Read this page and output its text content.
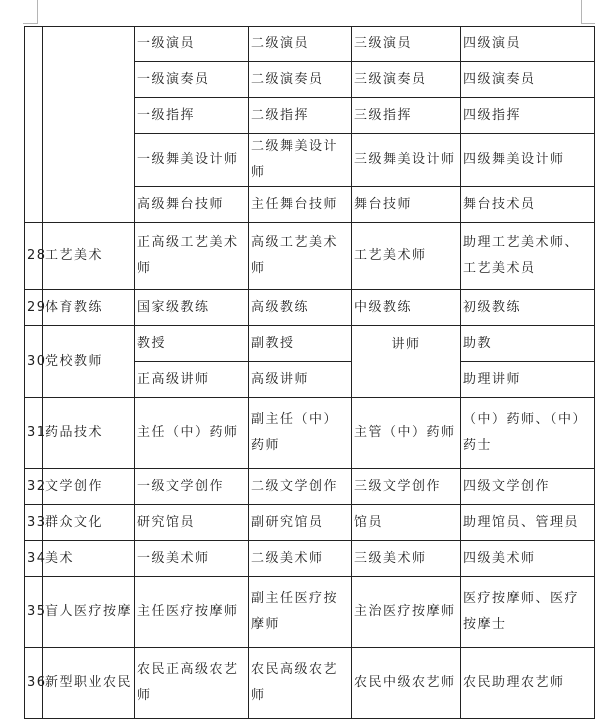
		一级演员	二级演员	三级演员	四级演员
		一级演奏员	二级演奏员	三级演奏员	四级演奏员
		一级指挥	二级指挥	三级指挥	四级指挥
		一级舞美设计师	二级舞美设计师	三级舞美设计师	四级舞美设计师
		高级舞台技师	主任舞台技师	舞台技师	舞台技术员
28	工艺美术	正高级工艺美术师	高级工艺美术师	工艺美术师	助理工艺美术师、工艺美术员
29	体育教练	国家级教练	高级教练	中级教练	初级教练
30	党校教师	教授	副教授	讲师	助教
		正高级讲师	高级讲师		助理讲师
31	药品技术	主任（中）药师	副主任（中）药师	主管（中）药师	（中）药师、（中）药士
32	文学创作	一级文学创作	二级文学创作	三级文学创作	四级文学创作
33	群众文化	研究馆员	副研究馆员	馆员	助理馆员、管理员
34	美术	一级美术师	二级美术师	三级美术师	四级美术师
35	盲人医疗按摩	主任医疗按摩师	副主任医疗按摩师	主治医疗按摩师	医疗按摩师、医疗按摩士
36	新型职业农民	农民正高级农艺师	农民高级农艺师	农民中级农艺师	农民助理农艺师
